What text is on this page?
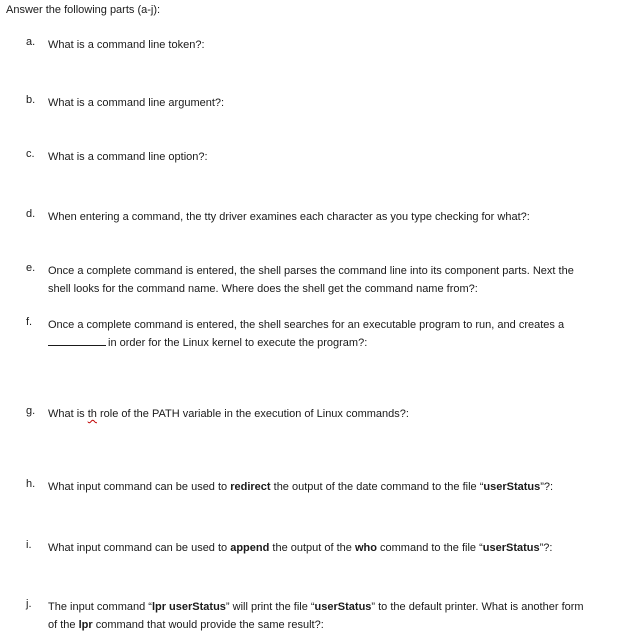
Answer the following parts (a-j):
a. What is a command line token?:
b. What is a command line argument?:
c. What is a command line option?:
d. When entering a command, the tty driver examines each character as you type checking for what?:
e. Once a complete command is entered, the shell parses the command line into its component parts. Next the
shell looks for the command name. Where does the shell get the command name from?:
f. Once a complete command is entered, the shell searches for an executable program to run, and creates a
in order for the Linux kernel to execute the program?:
g. What is th role of the PATH variable in the execution of Linux commands?:
h. What input command can be used to redirect the output of the date command to the file “userStatus”?:
i. What input command can be used to append the output of the who command to the file “userStatus”?:
j. The input command “lpr userStatus” will print the file “userStatus” to the default printer. What is another form
of the lpr command that would provide the same result?:
